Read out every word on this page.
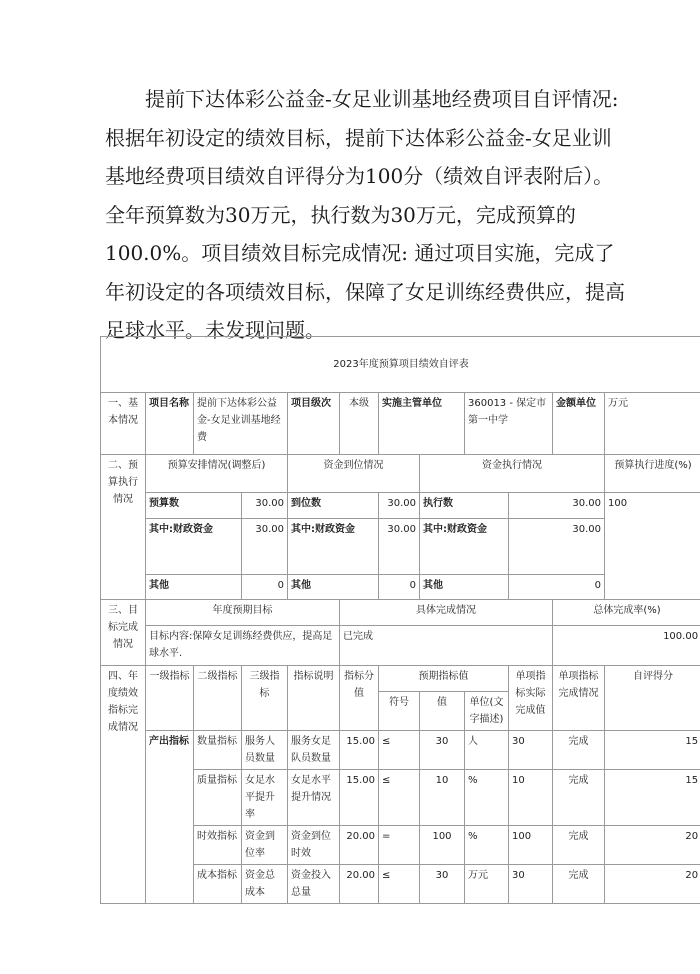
提前下达体彩公益金-女足业训基地经费项目自评情况:

根据年初设定的绩效目标，提前下达体彩公益金-女足业训基地经费项目绩效自评得分为100分（绩效自评表附后）。全年预算数为30万元，执行数为30万元，完成预算的100.0%。项目绩效目标完成情况: 通过项目实施，完成了年初设定的各项绩效目标，保障了女足训练经费供应，提高足球水平。未发现问题。

2023年度预算项目绩效自评表											
一、基本情况	项目名称	提前下达体彩公益金-女足业训基地经费		项目级次	本级	实施主管单位		360013 - 保定市第一中学		金额单位	万元
二、预算执行情况	预算安排情况(调整后)			资金到位情况			资金执行情况				预算执行进度(%)
	预算数		30.00	到位数		30.00	执行数		30.00		100
	其中:财政资金		30.00	其中:财政资金		30.00	其中:财政资金		30.00		
	其他		0	其他		0	其他		0		
三、目标完成情况	年度预期目标				具体完成情况					总体完成率(%)	
	目标内容:保障女足训练经费供应，提高足球水平.				已完成					100.00	
四、年度绩效指标完成情况	一级指标	二级指标	三级指标	指标说明	指标分值	预期指标值			单项指标实际完成值	单项指标完成情况	自评得分
						符号	值	单位(文字描述)			
	产出指标	数量指标	服务人员数量	服务女足队员数量	15.00	≤	30	人	30	完成	15
		质量指标	女足水平提升率	女足水平提升情况	15.00	≤	10	%	10	完成	15
		时效指标	资金到位率	资金到位时效	20.00	=	100	%	100	完成	20
		成本指标	资金总成本	资金投入总量	20.00	≤	30	万元	30	完成	20
